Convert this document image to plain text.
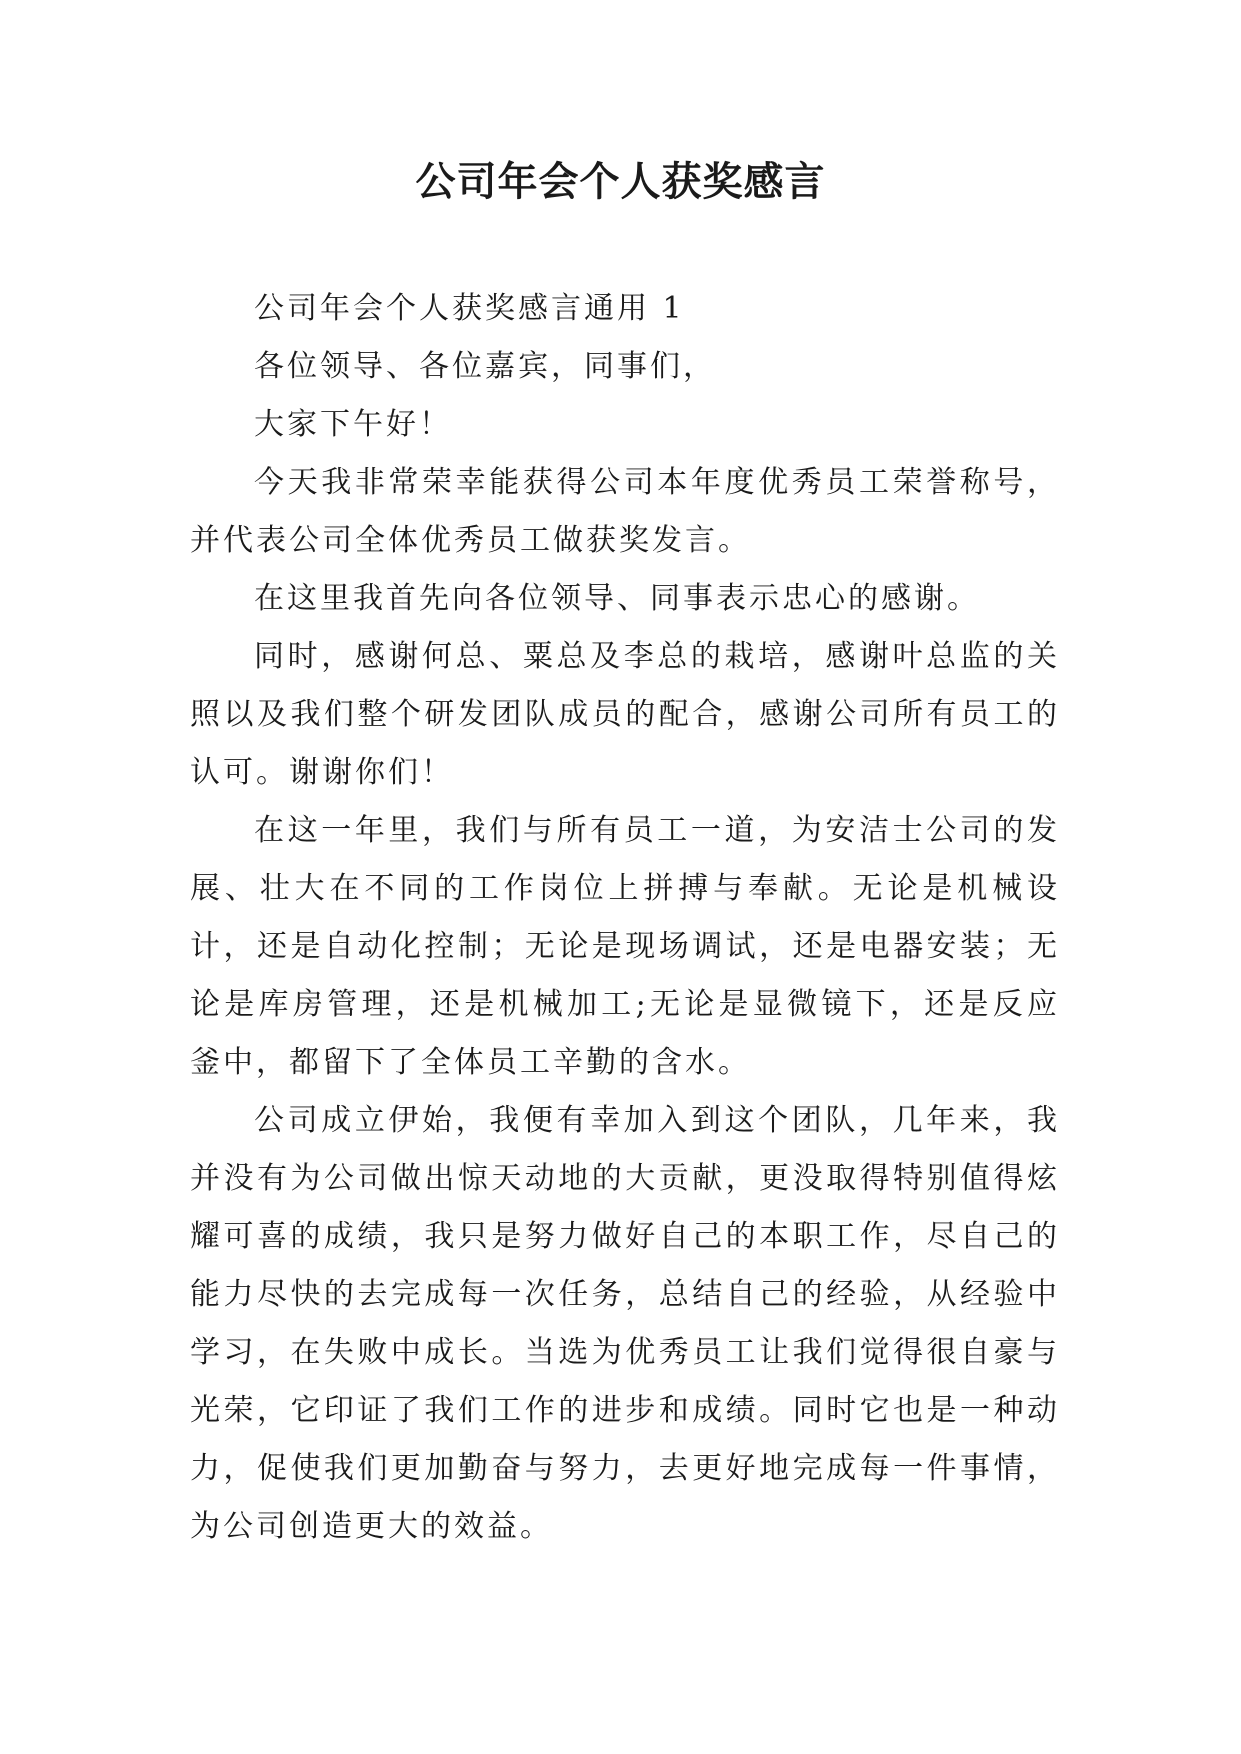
公司年会个人获奖感言

公司年会个人获奖感言通用 1

各位领导、各位嘉宾，同事们，

大家下午好！

今天我非常荣幸能获得公司本年度优秀员工荣誉称号，并代表公司全体优秀员工做获奖发言。

在这里我首先向各位领导、同事表示忠心的感谢。

同时，感谢何总、粟总及李总的栽培，感谢叶总监的关照以及我们整个研发团队成员的配合，感谢公司所有员工的认可。谢谢你们！

在这一年里，我们与所有员工一道，为安洁士公司的发展、壮大在不同的工作岗位上拼搏与奉献。无论是机械设计，还是自动化控制；无论是现场调试，还是电器安装；无论是库房管理，还是机械加工;无论是显微镜下，还是反应釜中，都留下了全体员工辛勤的含水。

公司成立伊始，我便有幸加入到这个团队，几年来，我并没有为公司做出惊天动地的大贡献，更没取得特别值得炫耀可喜的成绩，我只是努力做好自己的本职工作，尽自己的能力尽快的去完成每一次任务，总结自己的经验，从经验中学习，在失败中成长。当选为优秀员工让我们觉得很自豪与光荣，它印证了我们工作的进步和成绩。同时它也是一种动力，促使我们更加勤奋与努力，去更好地完成每一件事情，为公司创造更大的效益。
